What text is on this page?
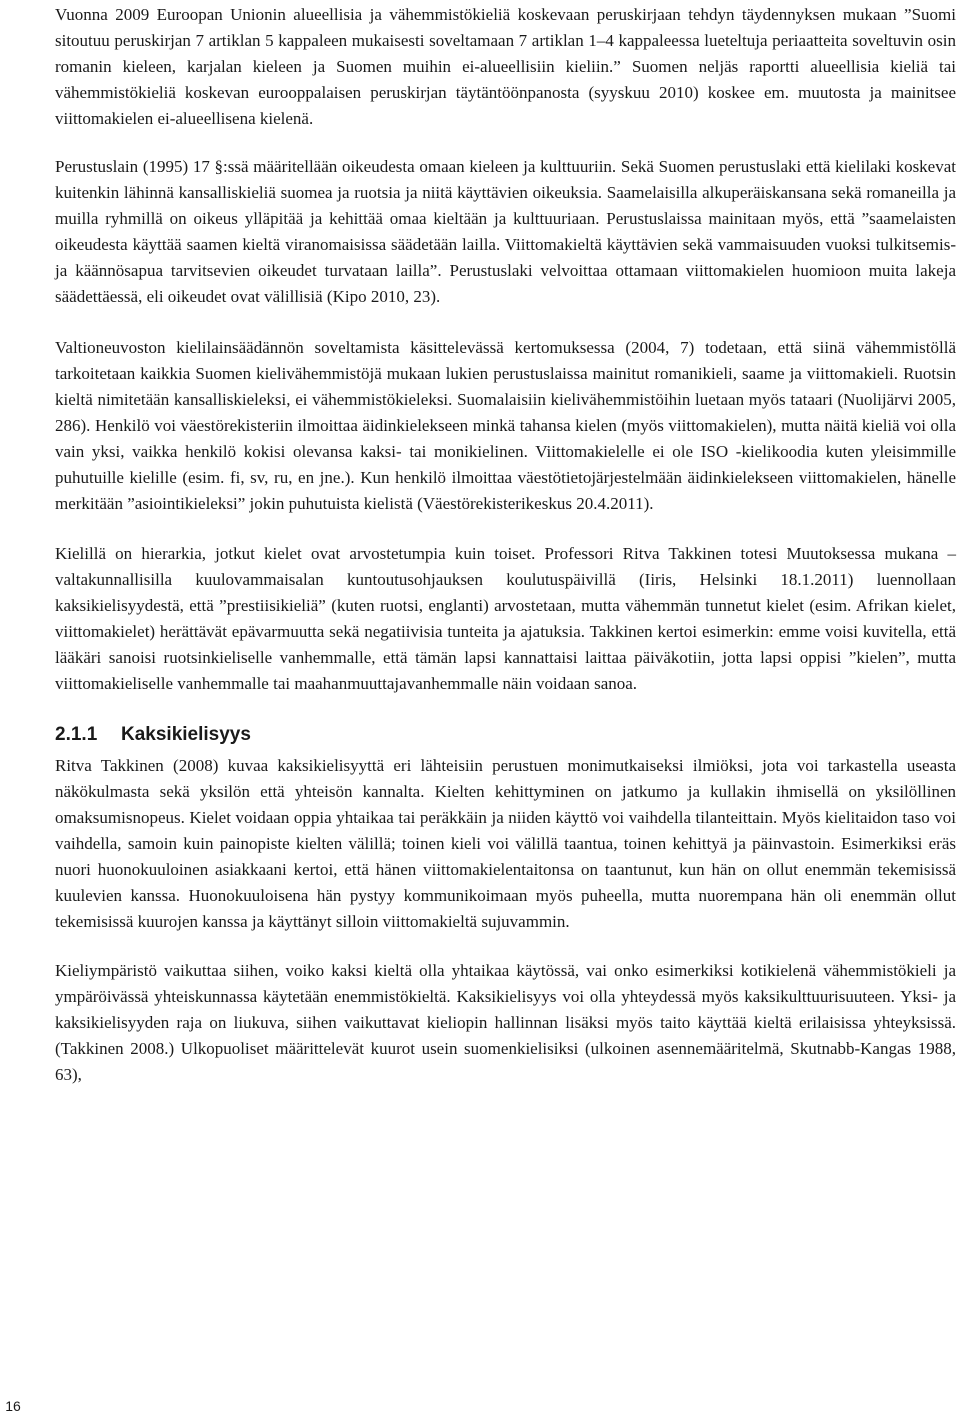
Vuonna 2009 Euroopan Unionin alueellisia ja vähemmistökieliä koskevaan peruskirjaan tehdyn täydennyksen mukaan ”Suomi sitoutuu peruskirjan 7 artiklan 5 kappaleen mukaisesti soveltamaan 7 artiklan 1–4 kappaleessa lueteltuja periaatteita soveltuvin osin romanin kieleen, karjalan kieleen ja Suomen muihin ei-alueellisiin kieliin.” Suomen neljäs raportti alueellisia kieliä tai vähemmistökieliä koskevan eurooppalaisen peruskirjan täytäntöönpanosta (syyskuu 2010) koskee em. muutosta ja mainitsee viittomakielen ei-alueellisena kielenä.

Perustuslain (1995) 17 §:ssä määritellään oikeudesta omaan kieleen ja kulttuuriin. Sekä Suomen perustuslaki että kielilaki koskevat kuitenkin lähinnä kansalliskieliä suomea ja ruotsia ja niitä käyttävien oikeuksia. Saamelaisilla alkuperäiskansana sekä romaneilla ja muilla ryhmillä on oikeus ylläpitää ja kehittää omaa kieltään ja kulttuuriaan. Perustuslaissa mainitaan myös, että ”saamelaisten oikeudesta käyttää saamen kieltä viranomaisissa säädetään lailla. Viittomakieltä käyttävien sekä vammaisuuden vuoksi tulkitsemis- ja käännösapua tarvitsevien oikeudet turvataan lailla”. Perustuslaki velvoittaa ottamaan viittomakielen huomioon muita lakeja säädettäessä, eli oikeudet ovat välillisiä (Kipo 2010, 23).

Valtioneuvoston kielilainsäädännön soveltamista käsittelevässä kertomuksessa (2004, 7) todetaan, että siinä vähemmistöllä tarkoitetaan kaikkia Suomen kielivähemmistöjä mukaan lukien perustuslaissa mainitut romanikieli, saame ja viittomakieli. Ruotsin kieltä nimitetään kansalliskieleksi, ei vähemmistökieleksi. Suomalaisiin kielivähemmistöihin luetaan myös tataari (Nuolijärvi 2005, 286). Henkilö voi väestörekisteriin ilmoittaa äidinkielekseen minkä tahansa kielen (myös viittomakielen), mutta näitä kieliä voi olla vain yksi, vaikka henkilö kokisi olevansa kaksi- tai monikielinen. Viittomakielelle ei ole ISO -kielikoodia kuten yleisimmille puhutuille kielille (esim. fi, sv, ru, en jne.). Kun henkilö ilmoittaa väestötietojärjestelmään äidinkielekseen viittomakielen, hänelle merkitään ”asiointikieleksi” jokin puhutuista kielistä (Väestörekisterikeskus 20.4.2011).

Kielillä on hierarkia, jotkut kielet ovat arvostetumpia kuin toiset. Professori Ritva Takkinen totesi Muutoksessa mukana – valtakunnallisilla kuulovammaisalan kuntoutusohjauksen koulutuspäivillä (Iiris, Helsinki 18.1.2011) luennollaan kaksikielisyydestä, että ”prestiisikieliä” (kuten ruotsi, englanti) arvostetaan, mutta vähemmän tunnetut kielet (esim. Afrikan kielet, viittomakielet) herättävät epävarmuutta sekä negatiivisia tunteita ja ajatuksia. Takkinen kertoi esimerkin: emme voisi kuvitella, että lääkäri sanoisi ruotsinkieliselle vanhemmalle, että tämän lapsi kannattaisi laittaa päiväkotiin, jotta lapsi oppisi ”kielen”, mutta viittomakieliselle vanhemmalle tai maahanmuuttajavanhemmalle näin voidaan sanoa.

2.1.1 Kaksikielisyys

Ritva Takkinen (2008) kuvaa kaksikielisyyttä eri lähteisiin perustuen monimutkaiseksi ilmiöksi, jota voi tarkastella useasta näkökulmasta sekä yksilön että yhteisön kannalta. Kielten kehittyminen on jatkumo ja kullakin ihmisellä on yksilöllinen omaksumisnopeus. Kielet voidaan oppia yhtaikaa tai peräkkäin ja niiden käyttö voi vaihdella tilanteittain. Myös kielitaidon taso voi vaihdella, samoin kuin painopiste kielten välillä; toinen kieli voi välillä taantua, toinen kehittyä ja päinvastoin. Esimerkiksi eräs nuori huonokuuloinen asiakkaani kertoi, että hänen viittomakielentaitonsa on taantunut, kun hän on ollut enemmän tekemisissä kuulevien kanssa. Huonokuuloisena hän pystyy kommunikoimaan myös puheella, mutta nuorempana hän oli enemmän ollut tekemisissä kuurojen kanssa ja käyttänyt silloin viittomakieltä sujuvammin.

Kieliympäristö vaikuttaa siihen, voiko kaksi kieltä olla yhtaikaa käytössä, vai onko esimerkiksi kotikielenä vähemmistökieli ja ympäröivässä yhteiskunnassa käytetään enemmistökieltä. Kaksikielisyys voi olla yhteydessä myös kaksikulttuurisuuteen. Yksi- ja kaksikielisyyden raja on liukuva, siihen vaikuttavat kieliopin hallinnan lisäksi myös taito käyttää kieltä erilaisissa yhteyksissä. (Takkinen 2008.) Ulkopuoliset määrittelevät kuurot usein suomenkielisiksi (ulkoinen asennemääritelmä, Skutnabb-Kangas 1988, 63),

16
